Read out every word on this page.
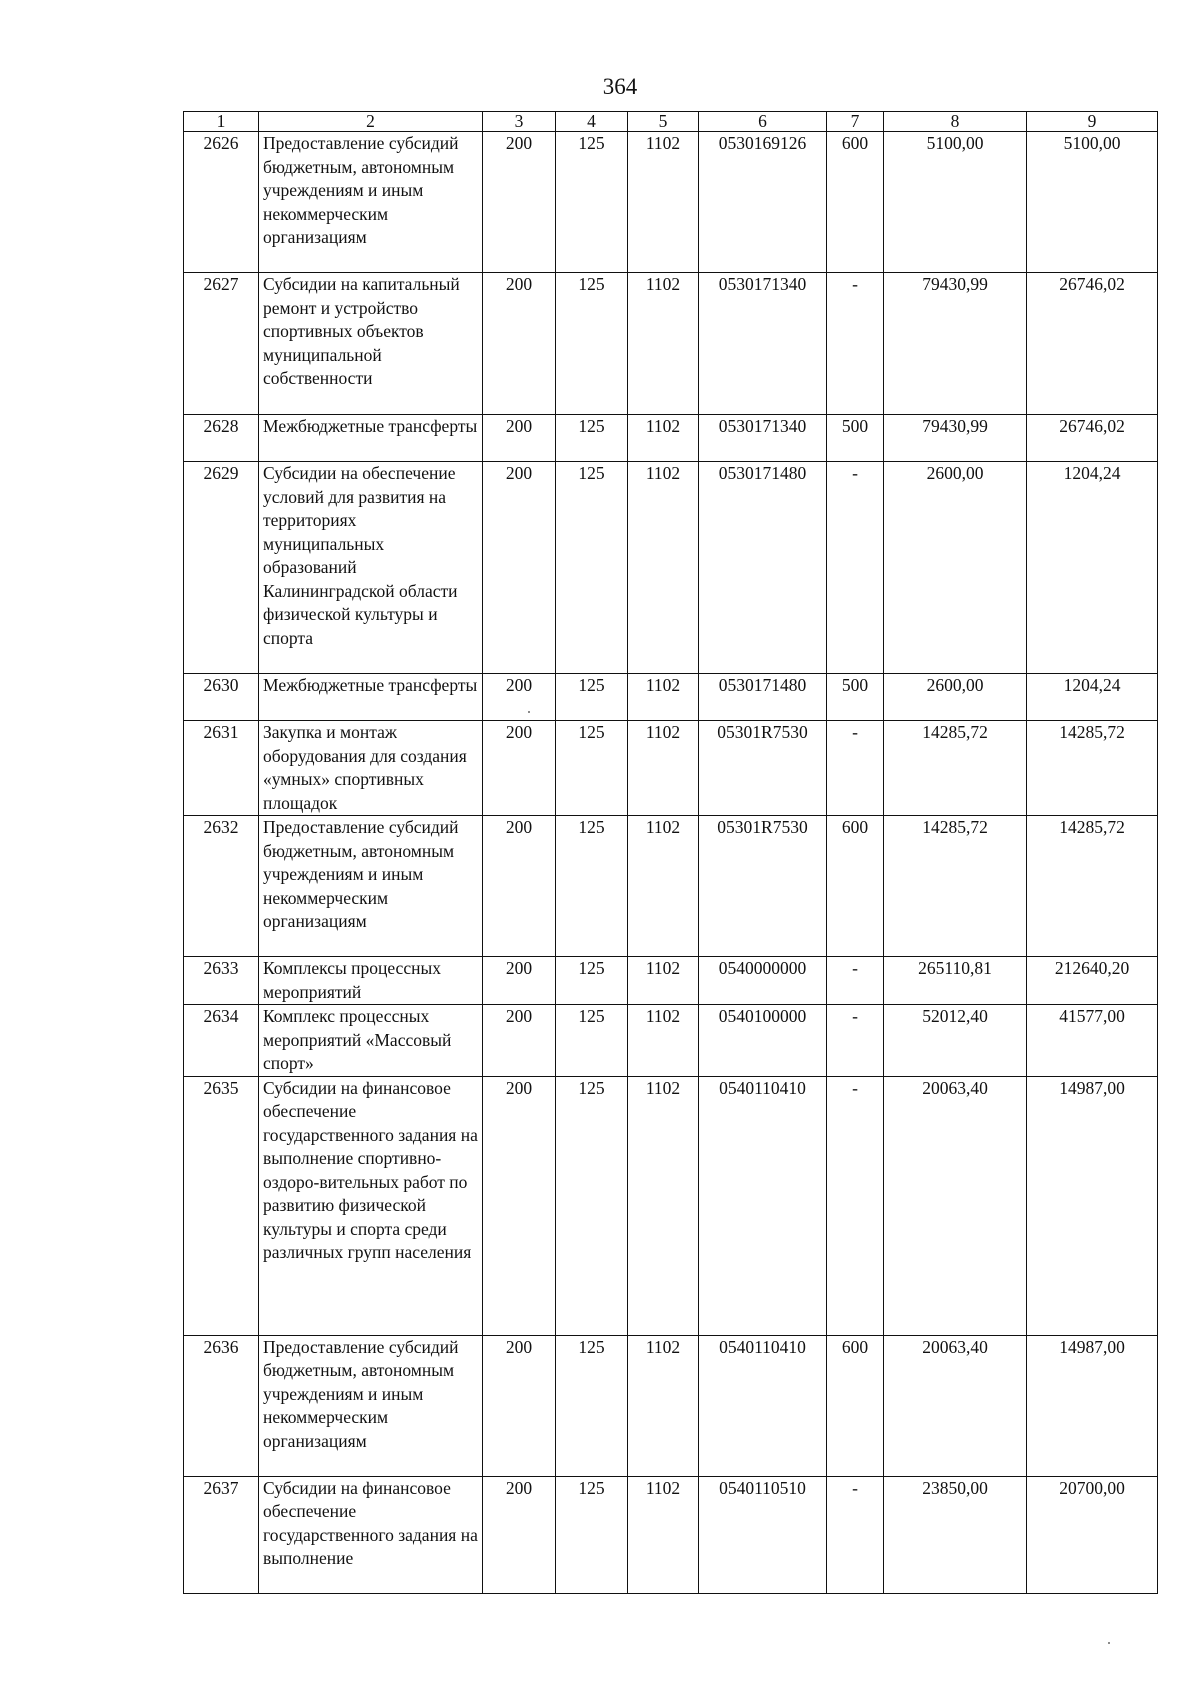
364
1	2	3	4	5	6	7	8	9
2626	Предоставление субсидий бюджетным, автономным учреждениям и иным некоммерческим организациям	200	125	1102	0530169126	600	5100,00	5100,00
2627	Субсидии на капитальный ремонт и устройство спортивных объектов муниципальной собственности	200	125	1102	0530171340	-	79430,99	26746,02
2628	Межбюджетные трансферты	200	125	1102	0530171340	500	79430,99	26746,02
2629	Субсидии на обеспечение условий для развития на территориях муниципальных образований Калининградской области физической культуры и спорта	200	125	1102	0530171480	-	2600,00	1204,24
2630	Межбюджетные трансферты	200	125	1102	0530171480	500	2600,00	1204,24
2631	Закупка и монтаж оборудования для создания «умных» спортивных площадок	200	125	1102	05301R7530	-	14285,72	14285,72
2632	Предоставление субсидий бюджетным, автономным учреждениям и иным некоммерческим организациям	200	125	1102	05301R7530	600	14285,72	14285,72
2633	Комплексы процессных мероприятий	200	125	1102	0540000000	-	265110,81	212640,20
2634	Комплекс процессных мероприятий «Массовый спорт»	200	125	1102	0540100000	-	52012,40	41577,00
2635	Субсидии на финансовое обеспечение государственного задания на выполнение спортивно-оздоро-вительных работ по развитию физической культуры и спорта среди различных групп населения	200	125	1102	0540110410	-	20063,40	14987,00
2636	Предоставление субсидий бюджетным, автономным учреждениям и иным некоммерческим организациям	200	125	1102	0540110410	600	20063,40	14987,00
2637	Субсидии на финансовое обеспечение государственного задания на выполнение	200	125	1102	0540110510	-	23850,00	20700,00
